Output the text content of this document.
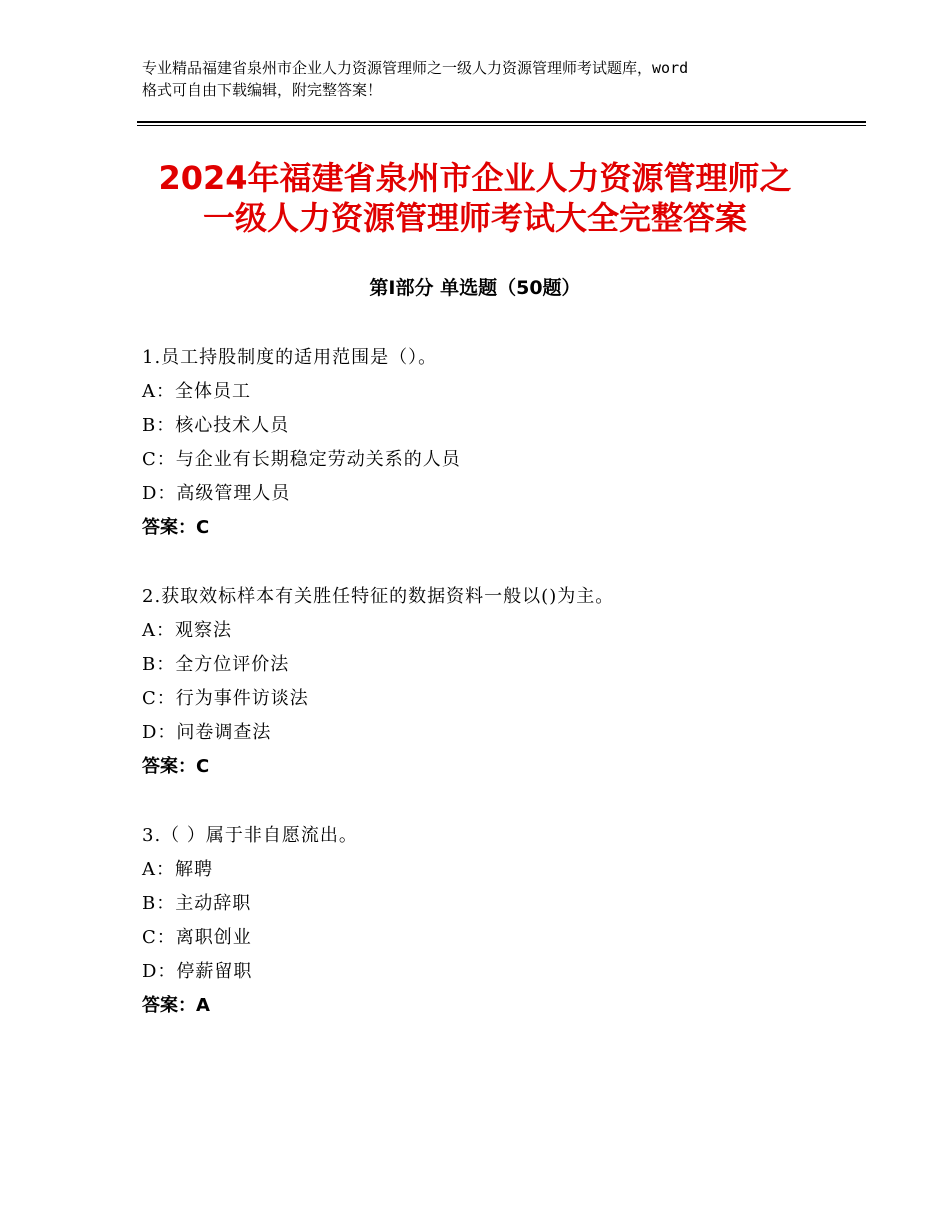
专业精品福建省泉州市企业人力资源管理师之一级人力资源管理师考试题库，word
格式可自由下载编辑，附完整答案！
2024年福建省泉州市企业人力资源管理师之
一级人力资源管理师考试大全完整答案
第Ⅰ部分 单选题（50题）
1.员工持股制度的适用范围是（）。
A：全体员工
B：核心技术人员
C：与企业有长期稳定劳动关系的人员
D：高级管理人员
答案：C
2.获取效标样本有关胜任特征的数据资料一般以()为主。
A：观察法
B：全方位评价法
C：行为事件访谈法
D：问卷调查法
答案：C
3.（ ）属于非自愿流出。
A：解聘
B：主动辞职
C：离职创业
D：停薪留职
答案：A
